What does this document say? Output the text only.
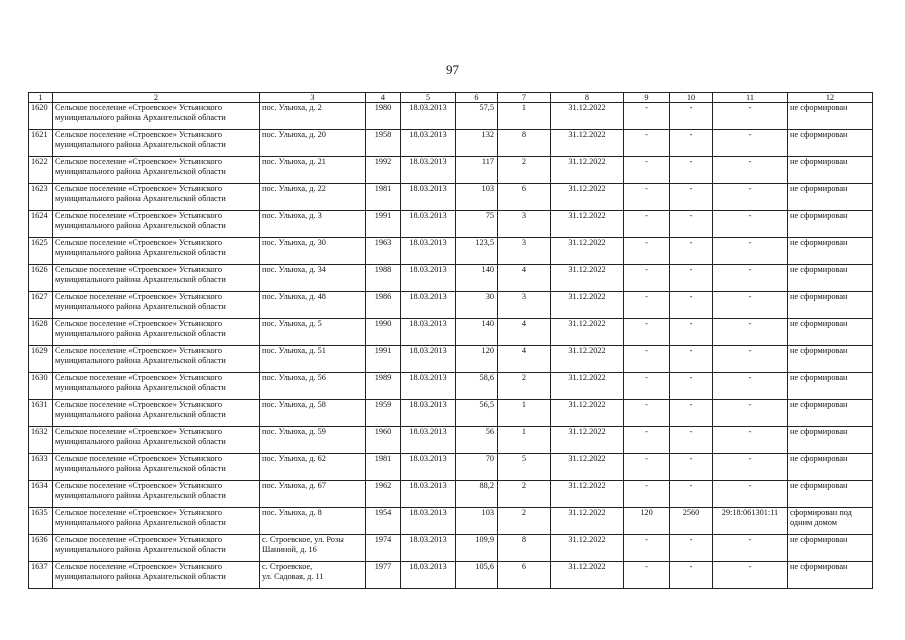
97
1	2	3	4	5	6	7	8	9	10	11	12
1620	Сельское поселение «Строевское» Устьянского
муниципального района Архангельской области	пос. Ульюха, д. 2	1980	18.03.2013	57,5	1	31.12.2022	-	-	-	не сформирован

1621	Сельское поселение «Строевское» Устьянского
муниципального района Архангельской области	пос. Ульюха, д. 20	1958	18.03.2013	132	8	31.12.2022	-	-	-	не сформирован

1622	Сельское поселение «Строевское» Устьянского
муниципального района Архангельской области	пос. Ульюха, д. 21	1992	18.03.2013	117	2	31.12.2022	-	-	-	не сформирован

1623	Сельское поселение «Строевское» Устьянского
муниципального района Архангельской области	пос. Ульюха, д. 22	1981	18.03.2013	103	6	31.12.2022	-	-	-	не сформирован

1624	Сельское поселение «Строевское» Устьянского
муниципального района Архангельской области	пос. Ульюха, д. 3	1991	18.03.2013	75	3	31.12.2022	-	-	-	не сформирован

1625	Сельское поселение «Строевское» Устьянского
муниципального района Архангельской области	пос. Ульюха, д. 30	1963	18.03.2013	123,5	3	31.12.2022	-	-	-	не сформирован

1626	Сельское поселение «Строевское» Устьянского
муниципального района Архангельской области	пос. Ульюха, д. 34	1988	18.03.2013	140	4	31.12.2022	-	-	-	не сформирован

1627	Сельское поселение «Строевское» Устьянского
муниципального района Архангельской области	пос. Ульюха, д. 48	1986	18.03.2013	30	3	31.12.2022	-	-	-	не сформирован

1628	Сельское поселение «Строевское» Устьянского
муниципального района Архангельской области	пос. Ульюха, д. 5	1990	18.03.2013	140	4	31.12.2022	-	-	-	не сформирован

1629	Сельское поселение «Строевское» Устьянского
муниципального района Архангельской области	пос. Ульюха, д. 51	1991	18.03.2013	120	4	31.12.2022	-	-	-	не сформирован

1630	Сельское поселение «Строевское» Устьянского
муниципального района Архангельской области	пос. Ульюха, д. 56	1989	18.03.2013	58,6	2	31.12.2022	-	-	-	не сформирован

1631	Сельское поселение «Строевское» Устьянского
муниципального района Архангельской области	пос. Ульюха, д. 58	1959	18.03.2013	56,5	1	31.12.2022	-	-	-	не сформирован

1632	Сельское поселение «Строевское» Устьянского
муниципального района Архангельской области	пос. Ульюха, д. 59	1960	18.03.2013	56	1	31.12.2022	-	-	-	не сформирован

1633	Сельское поселение «Строевское» Устьянского
муниципального района Архангельской области	пос. Ульюха, д. 62	1981	18.03.2013	70	5	31.12.2022	-	-	-	не сформирован

1634	Сельское поселение «Строевское» Устьянского
муниципального района Архангельской области	пос. Ульюха, д. 67	1962	18.03.2013	88,2	2	31.12.2022	-	-	-	не сформирован

1635	Сельское поселение «Строевское» Устьянского
муниципального района Архангельской области	пос. Ульюха, д. 8	1954	18.03.2013	103	2	31.12.2022	120	2560	29:18:061301:11	сформирован под
одним домом

1636	Сельское поселение «Строевское» Устьянского
муниципального района Архангельской области	с. Строевское, ул. Розы
Шаниной, д. 16	1974	18.03.2013	109,9	8	31.12.2022	-	-	-	не сформирован

1637	Сельское поселение «Строевское» Устьянского
муниципального района Архангельской области	с. Строевское,
ул. Садовая, д. 11	1977	18.03.2013	105,6	6	31.12.2022	-	-	-	не сформирован
